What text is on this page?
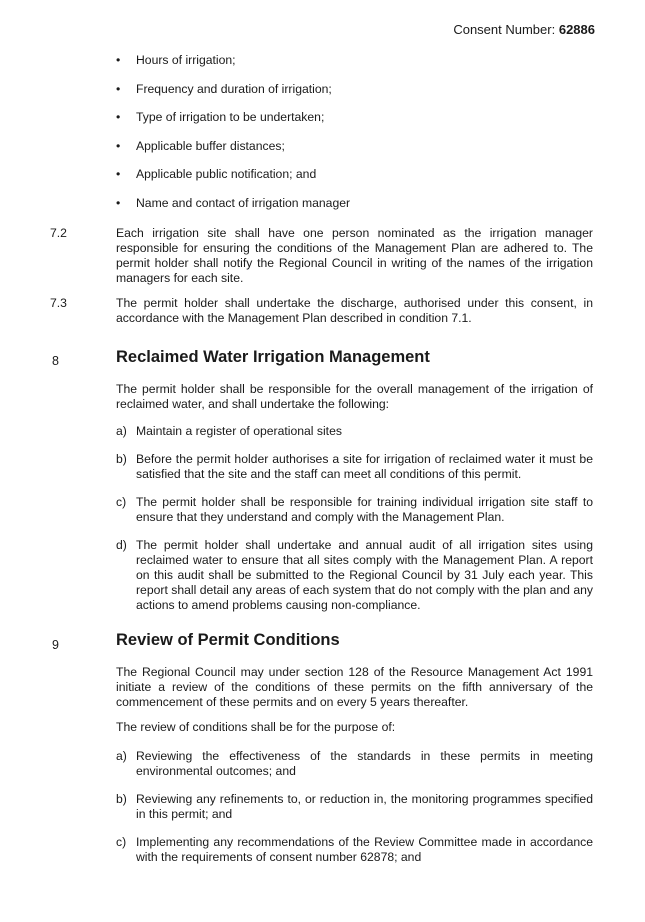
Consent Number: 62886
• Hours of irrigation;
• Frequency and duration of irrigation;
• Type of irrigation to be undertaken;
• Applicable buffer distances;
• Applicable public notification; and
• Name and contact of irrigation manager
7.2	Each irrigation site shall have one person nominated as the irrigation manager responsible for ensuring the conditions of the Management Plan are adhered to. The permit holder shall notify the Regional Council in writing of the names of the irrigation managers for each site.
7.3	The permit holder shall undertake the discharge, authorised under this consent, in accordance with the Management Plan described in condition 7.1.
8	Reclaimed Water Irrigation Management
The permit holder shall be responsible for the overall management of the irrigation of reclaimed water, and shall undertake the following:
a) Maintain a register of operational sites
b) Before the permit holder authorises a site for irrigation of reclaimed water it must be satisfied that the site and the staff can meet all conditions of this permit.
c) The permit holder shall be responsible for training individual irrigation site staff to ensure that they understand and comply with the Management Plan.
d) The permit holder shall undertake and annual audit of all irrigation sites using reclaimed water to ensure that all sites comply with the Management Plan. A report on this audit shall be submitted to the Regional Council by 31 July each year. This report shall detail any areas of each system that do not comply with the plan and any actions to amend problems causing non-compliance.
9	Review of Permit Conditions
The Regional Council may under section 128 of the Resource Management Act 1991 initiate a review of the conditions of these permits on the fifth anniversary of the commencement of these permits and on every 5 years thereafter.
The review of conditions shall be for the purpose of:
a) Reviewing the effectiveness of the standards in these permits in meeting environmental outcomes; and
b) Reviewing any refinements to, or reduction in, the monitoring programmes specified in this permit; and
c) Implementing any recommendations of the Review Committee made in accordance with the requirements of consent number 62878; and
